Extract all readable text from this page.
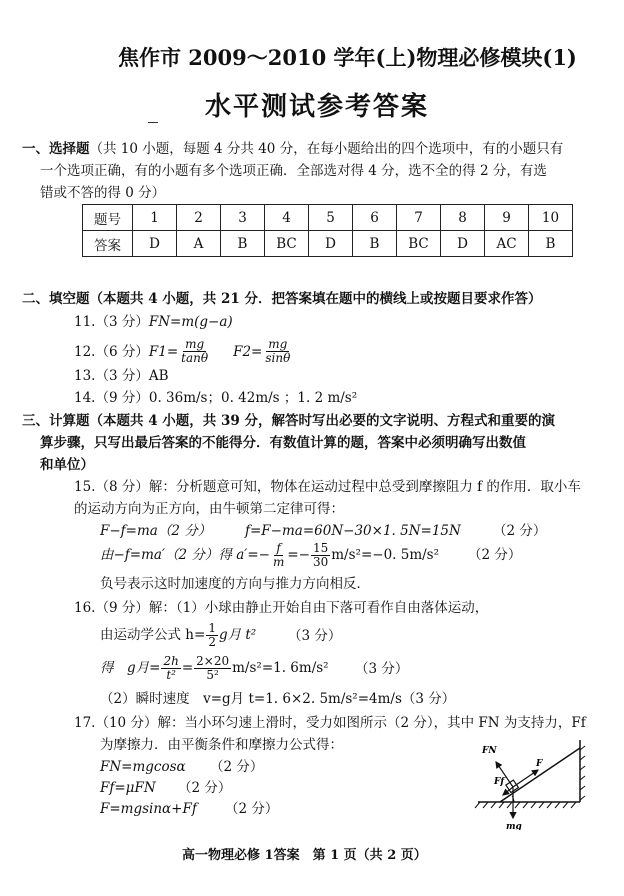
焦作市 2009～2010 学年(上)物理必修模块(1)
水平测试参考答案
一、选择题（共 10 小题，每题 4 分共 40 分，在每小题给出的四个选项中，有的小题只有
一个选项正确，有的小题有多个选项正确．全部选对得 4 分，选不全的得 2 分，有选
错或不答的得 0 分）
题号	1	2	3	4	5	6	7	8	9	10
答案	D	A	B	BC	D	B	BC	D	AC	B
二、填空题（本题共 4 小题，共 21 分．把答案填在题中的横线上或按题目要求作答）
11.（3 分）FN=m(g−a)
12.（6 分） $F1= \frac{mg}{\tan\theta} F2= \frac{mg}{\sin\theta}$
13.（3 分）AB
14.（9 分）0. 36m/s；0. 42m/s ；1. 2 m/s²
三、计算题（本题共 4 小题，共 39 分，解答时写出必要的文字说明、方程式和重要的演
算步骤，只写出最后答案的不能得分．有数值计算的题，答案中必须明确写出数值
和单位）
15.（8 分）解：分析题意可知，物体在运动过程中总受到摩擦阻力 f 的作用．取小车
的运动方向为正方向，由牛顿第二定律可得：
F−f=ma（2 分）	f=F−ma=60N−30×1. 5N=15N （2 分）
由−f=ma′（2 分）得 $a'=- \frac{f}{m} =- \frac{15}{30} m/s^2=-0$. 5m/s² （2 分）
负号表示这时加速度的方向与推力方向相反．
16.（9 分）解：（1）小球由静止开始自由下落可看作自由落体运动，
由运动学公式 $h= \frac{1}{2}$ g月 t² （3 分）
得　g月= $\frac{2h}{\text{t²}} = \frac{2\times 20}{\text{5²}} m/s^2=1$. 6m/s² （3 分）
（2）瞬时速度　v=g月 t=1. 6×2. 5m/s²=4m/s（3 分）
17.（10 分）解：当小环匀速上滑时，受力如图所示（2 分），其中 FN 为支持力，Ff
为摩擦力．由平衡条件和摩擦力公式得：
FN=mgcosα （2 分）
Ff=μFN （2 分）
F=mgsinα+Ff （2 分）
FN
Ff
F
mg
高一物理必修 1答案　第 1 页（共 2 页）
